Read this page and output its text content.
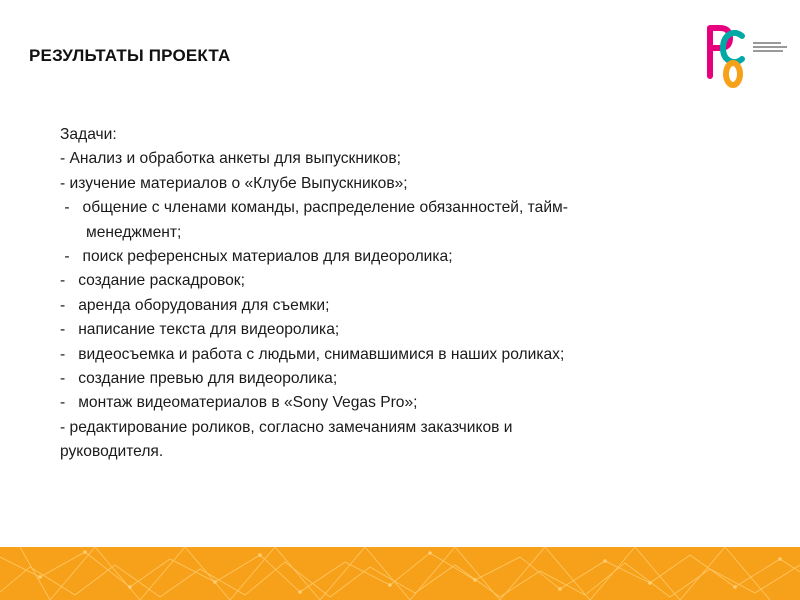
РЕЗУЛЬТАТЫ ПРОЕКТА
Задачи:
- Анализ и обработка анкеты для выпускников;
- изучение материалов о «Клубе Выпускников»;
-   общение с членами команды, распределение обязанностей, тайм-
менеджмент;
-   поиск референсных материалов для видеоролика;
-   создание раскадровок;
-   аренда оборудования для съемки;
-   написание текста для видеоролика;
-   видеосъемка и работа с людьми, снимавшимися в наших роликах;
-   создание превью для видеоролика;
-   монтаж видеоматериалов в «Sony Vegas Pro»;
- редактирование роликов, согласно замечаниям заказчиков и
руководителя.
